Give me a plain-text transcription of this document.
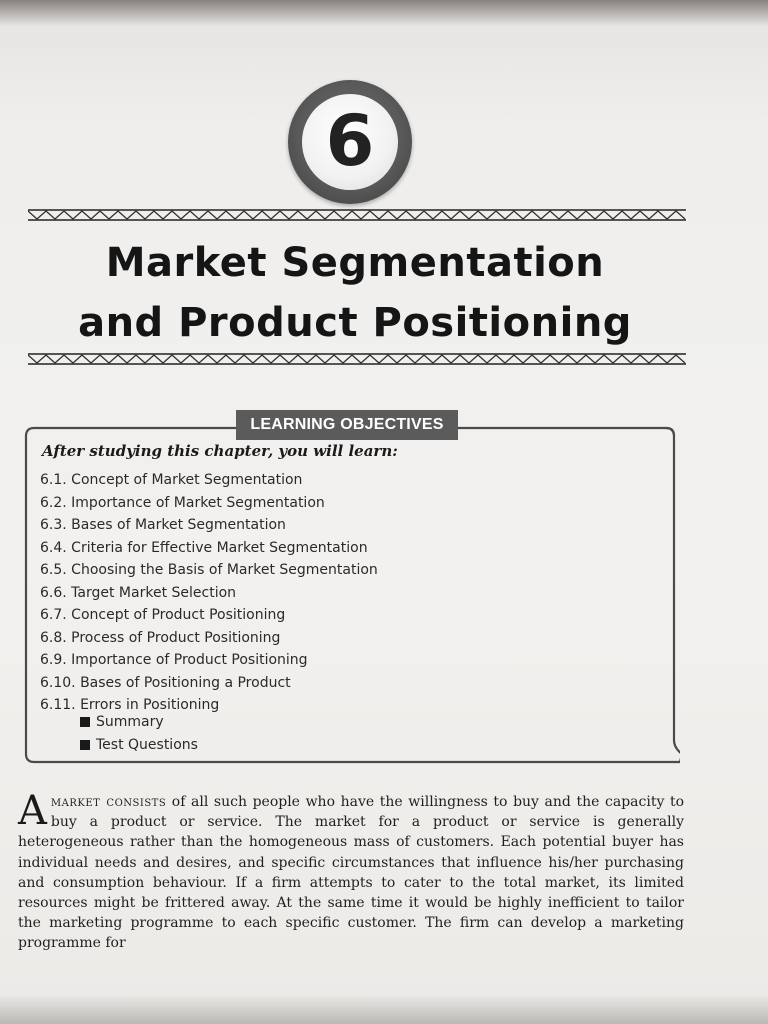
6
Market Segmentation
and Product Positioning
LEARNING OBJECTIVES
After studying this chapter, you will learn:
6.1. Concept of Market Segmentation
6.2. Importance of Market Segmentation
6.3. Bases of Market Segmentation
6.4. Criteria for Effective Market Segmentation
6.5. Choosing the Basis of Market Segmentation
6.6. Target Market Selection
6.7. Concept of Product Positioning
6.8. Process of Product Positioning
6.9. Importance of Product Positioning
6.10. Bases of Positioning a Product
6.11. Errors in Positioning
Summary
Test Questions

Amarket consists of all such people who have the willingness to buy and the capacity to buy a product or service. The market for a product or service is generally heterogeneous rather than the homogeneous mass of customers. Each potential buyer has individual needs and desires, and specific circumstances that influence his/her purchasing and consumption behaviour. If a firm attempts to cater to the total market, its limited resources might be frittered away. At the same time it would be highly inefficient to tailor the marketing programme to each specific customer. The firm can develop a marketing programme for
